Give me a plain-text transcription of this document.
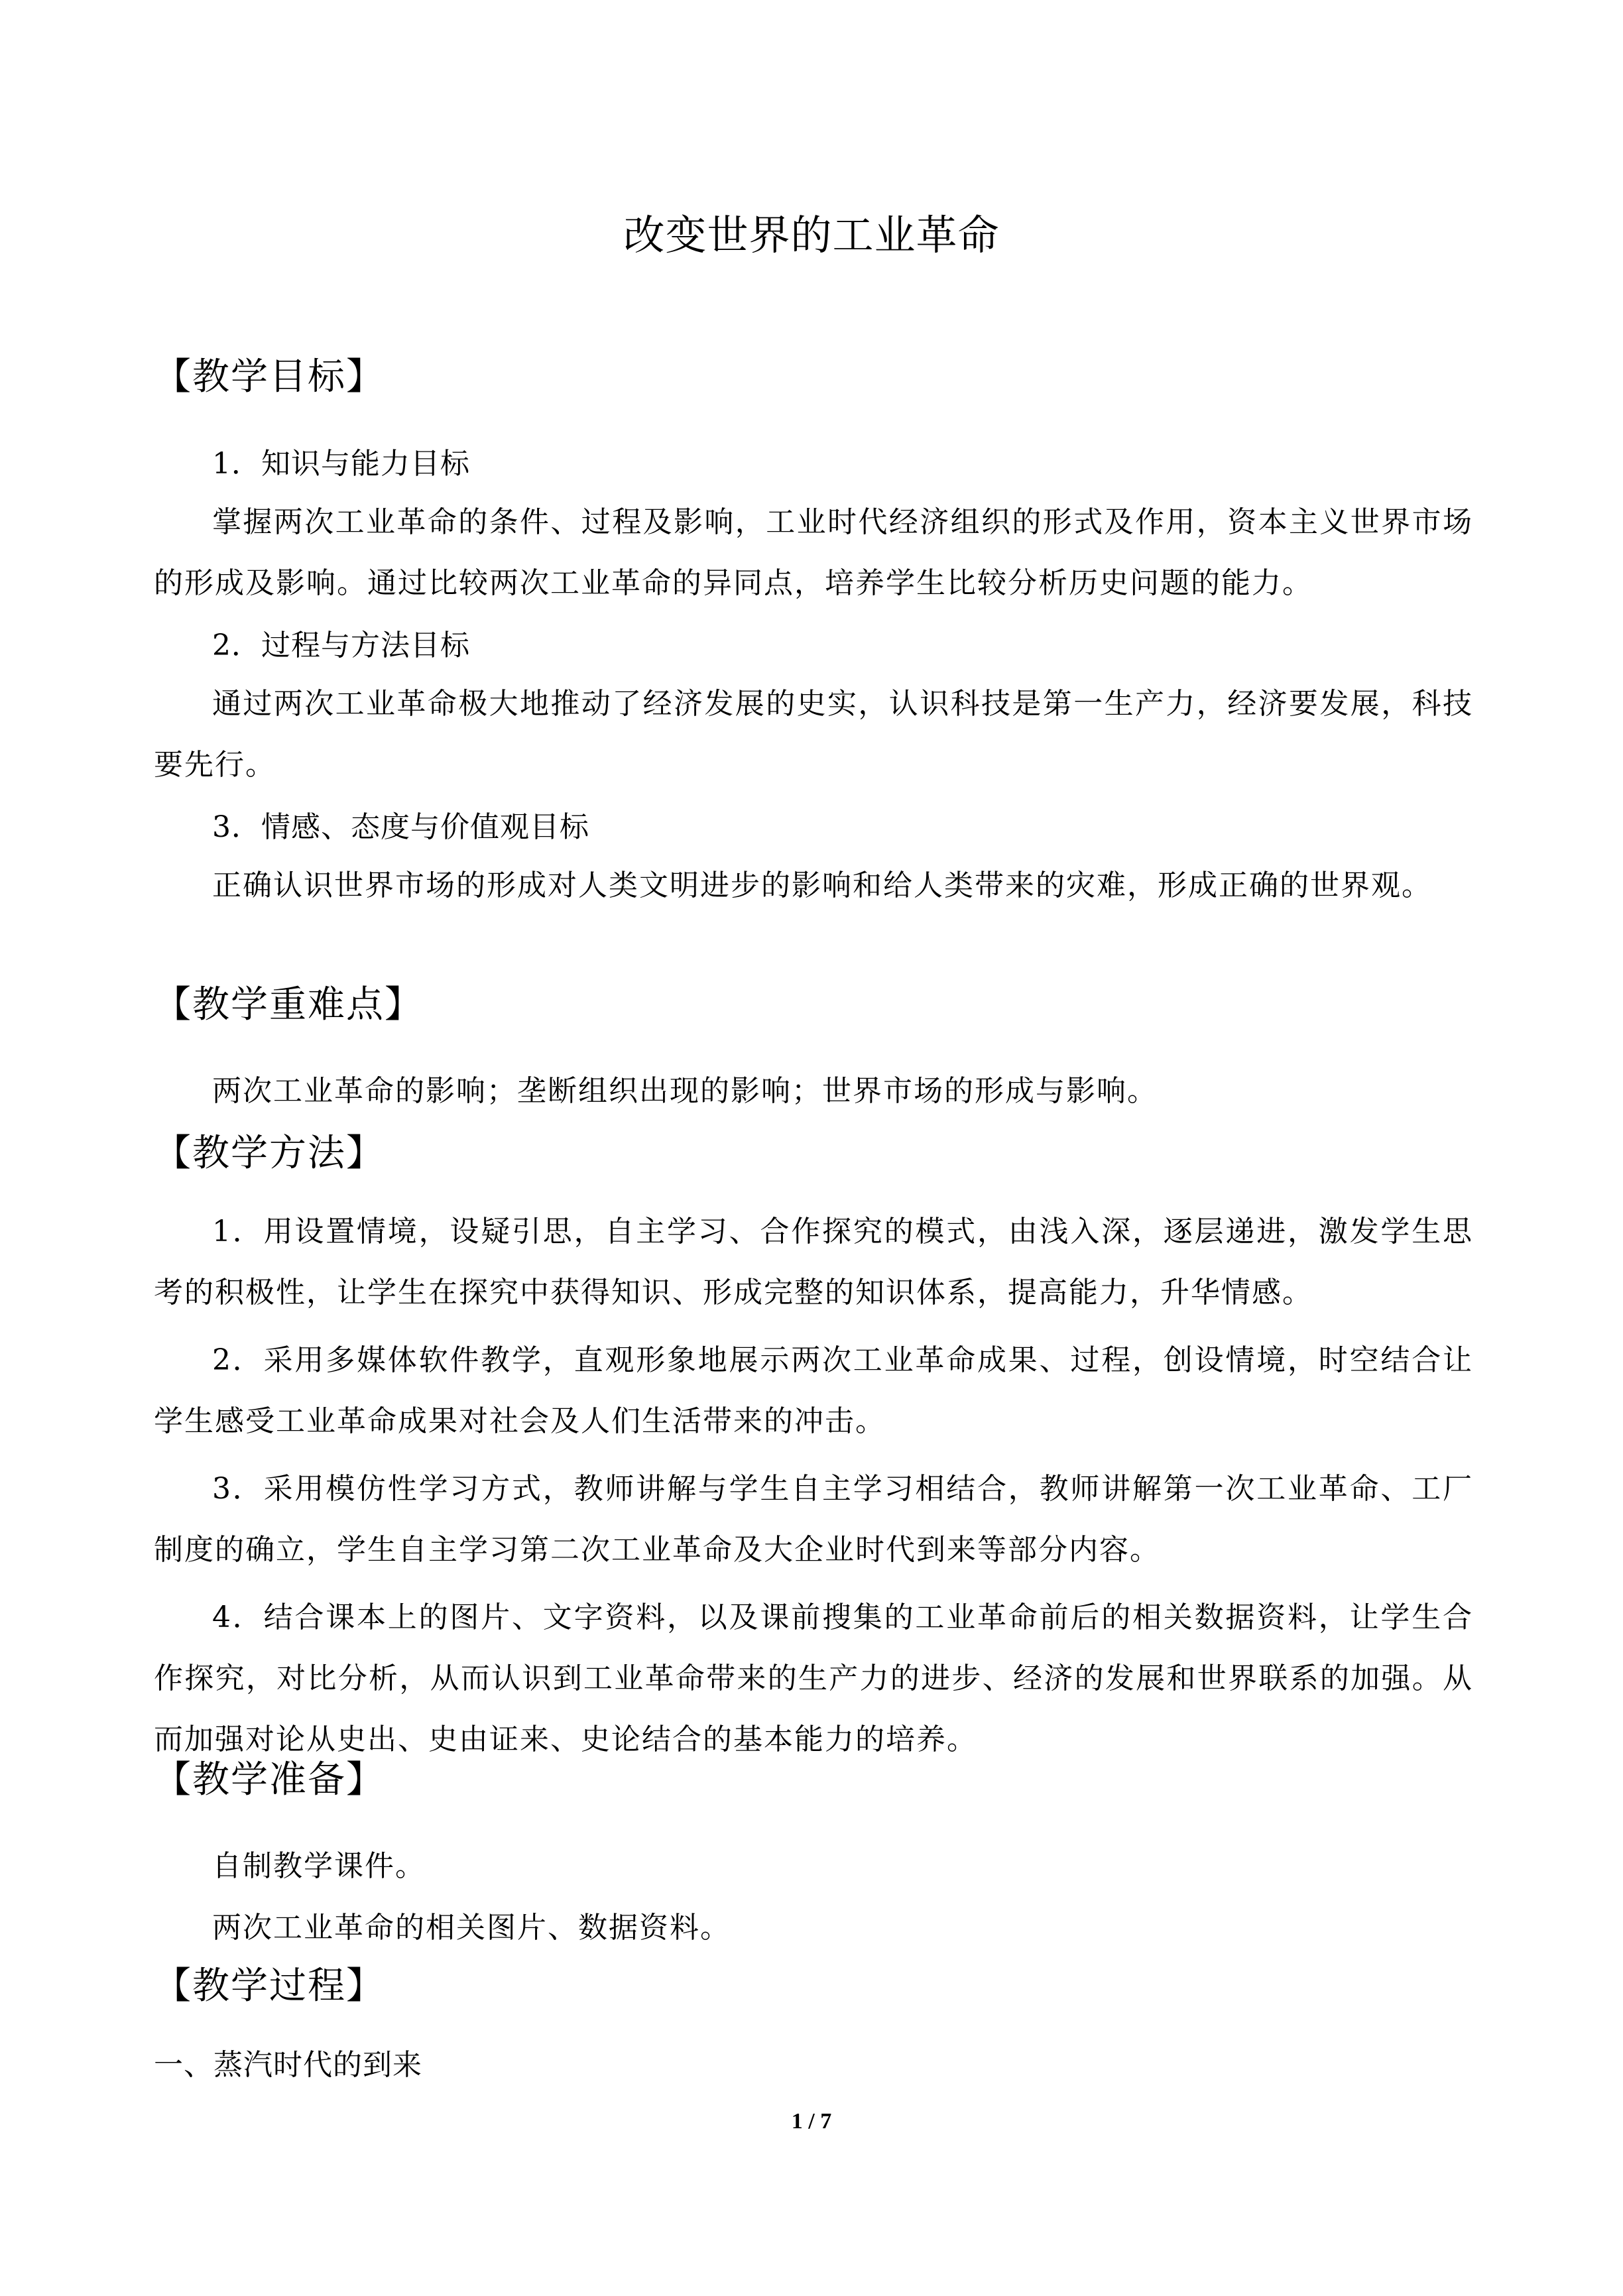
改变世界的工业革命
【教学目标】
1．知识与能力目标

掌握两次工业革命的条件、过程及影响，工业时代经济组织的形式及作用，资本主义世界市场的形成及影响。通过比较两次工业革命的异同点，培养学生比较分析历史问题的能力。

2．过程与方法目标

通过两次工业革命极大地推动了经济发展的史实，认识科技是第一生产力，经济要发展，科技要先行。

3．情感、态度与价值观目标

正确认识世界市场的形成对人类文明进步的影响和给人类带来的灾难，形成正确的世界观。

【教学重难点】

两次工业革命的影响；垄断组织出现的影响；世界市场的形成与影响。

【教学方法】

1．用设置情境，设疑引思，自主学习、合作探究的模式，由浅入深，逐层递进，激发学生思考的积极性，让学生在探究中获得知识、形成完整的知识体系，提高能力，升华情感。

2．采用多媒体软件教学，直观形象地展示两次工业革命成果、过程，创设情境，时空结合让学生感受工业革命成果对社会及人们生活带来的冲击。

3．采用模仿性学习方式，教师讲解与学生自主学习相结合，教师讲解第一次工业革命、工厂制度的确立，学生自主学习第二次工业革命及大企业时代到来等部分内容。

4．结合课本上的图片、文字资料，以及课前搜集的工业革命前后的相关数据资料，让学生合作探究，对比分析，从而认识到工业革命带来的生产力的进步、经济的发展和世界联系的加强。从而加强对论从史出、史由证来、史论结合的基本能力的培养。

【教学准备】

自制教学课件。

两次工业革命的相关图片、数据资料。

【教学过程】
一、蒸汽时代的到来
1 / 7
